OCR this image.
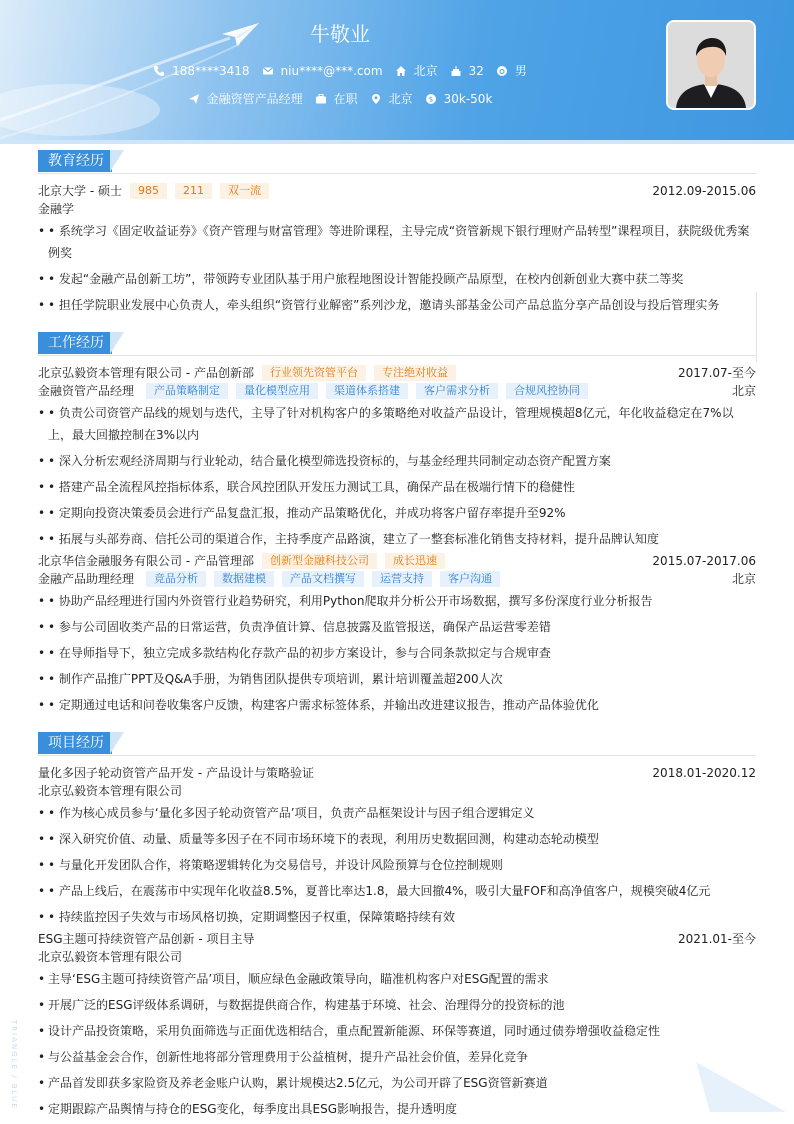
牛敬业
188****3418	niu****@***.com	北京	32	男
金融资管产品经理	在职	北京 $ 30k-50k
教育经历
北京大学 - 硕士	985	211	双一流	2012.09-2015.06
金融学
• • 系统学习《固定收益证券》《资产管理与财富管理》等进阶课程，主导完成“资管新规下银行理财产品转型”课程项目，获院级优秀案例奖
• • 发起“金融产品创新工坊”，带领跨专业团队基于用户旅程地图设计智能投顾产品原型，在校内创新创业大赛中获二等奖
• • 担任学院职业发展中心负责人，牵头组织“资管行业解密”系列沙龙，邀请头部基金公司产品总监分享产品创设与投后管理实务
工作经历
北京弘毅资本管理有限公司 - 产品创新部	行业领先资管平台	专注绝对收益	2017.07-至今
金融资管产品经理	产品策略制定	量化模型应用	渠道体系搭建	客户需求分析	合规风控协同	北京
• • 负责公司资管产品线的规划与迭代，主导了针对机构客户的多策略绝对收益产品设计，管理规模超8亿元，年化收益稳定在7%以上，最大回撤控制在3%以内
• • 深入分析宏观经济周期与行业轮动，结合量化模型筛选投资标的，与基金经理共同制定动态资产配置方案
• • 搭建产品全流程风控指标体系，联合风控团队开发压力测试工具，确保产品在极端行情下的稳健性
• • 定期向投资决策委员会进行产品复盘汇报，推动产品策略优化，并成功将客户留存率提升至92%
• • 拓展与头部券商、信托公司的渠道合作，主持季度产品路演，建立了一整套标准化销售支持材料，提升品牌认知度
北京华信金融服务有限公司 - 产品管理部	创新型金融科技公司	成长迅速	2015.07-2017.06
金融产品助理经理	竞品分析	数据建模	产品文档撰写	运营支持	客户沟通	北京
• • 协助产品经理进行国内外资管行业趋势研究，利用Python爬取并分析公开市场数据，撰写多份深度行业分析报告
• • 参与公司固收类产品的日常运营，负责净值计算、信息披露及监管报送，确保产品运营零差错
• • 在导师指导下，独立完成多款结构化存款产品的初步方案设计，参与合同条款拟定与合规审查
• • 制作产品推广PPT及Q&A手册，为销售团队提供专项培训，累计培训覆盖超200人次
• • 定期通过电话和问卷收集客户反馈，构建客户需求标签体系，并输出改进建议报告，推动产品体验优化
项目经历
量化多因子轮动资管产品开发 - 产品设计与策略验证	2018.01-2020.12
北京弘毅资本管理有限公司
• • 作为核心成员参与‘量化多因子轮动资管产品’项目，负责产品框架设计与因子组合逻辑定义
• • 深入研究价值、动量、质量等多因子在不同市场环境下的表现，利用历史数据回测，构建动态轮动模型
• • 与量化开发团队合作，将策略逻辑转化为交易信号，并设计风险预算与仓位控制规则
• • 产品上线后，在震荡市中实现年化收益8.5%，夏普比率达1.8，最大回撤4%，吸引大量FOF和高净值客户，规模突破4亿元
• • 持续监控因子失效与市场风格切换，定期调整因子权重，保障策略持续有效
ESG主题可持续资管产品创新 - 项目主导	2021.01-至今
北京弘毅资本管理有限公司
• 主导‘ESG主题可持续资管产品’项目，顺应绿色金融政策导向，瞄准机构客户对ESG配置的需求
• 开展广泛的ESG评级体系调研，与数据提供商合作，构建基于环境、社会、治理得分的投资标的池
• 设计产品投资策略，采用负面筛选与正面优选相结合，重点配置新能源、环保等赛道，同时通过债券增强收益稳定性
• 与公益基金会合作，创新性地将部分管理费用于公益植树，提升产品社会价值，差异化竞争
• 产品首发即获多家险资及养老金账户认购，累计规模达2.5亿元，为公司开辟了ESG资管新赛道
• 定期跟踪产品舆情与持仓的ESG变化，每季度出具ESG影响报告，提升透明度
TRIANGLE / BLUE
